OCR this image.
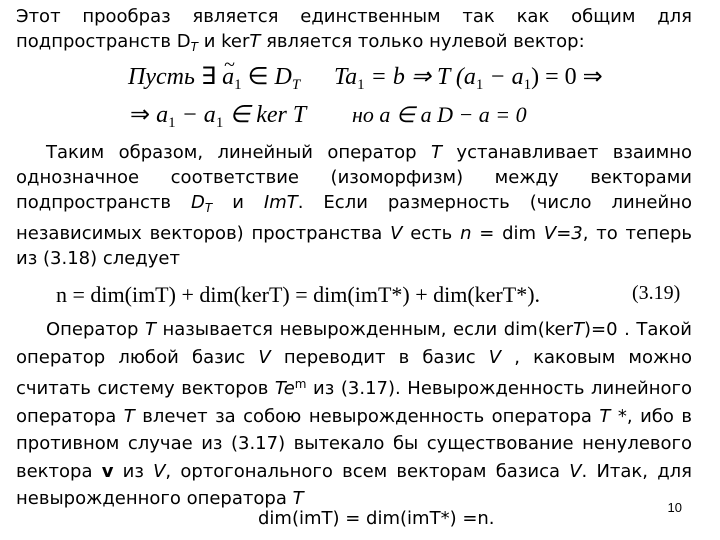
Этот прообраз является единственным так как общим для
подпространств $D_T$ и kerT является только нулевой вектор:
Пусть ∃ ~ $a_1$ ∈ $D_T$ $Ta_1 = b$ ⇒ T $(a_1 - a_1) = 0$ ⇒
⇒ $a_1 - a_1$ ∈ ker T но a ∈ a D − a = 0
Таким образом, линейный оператор T устанавливает взаимно однозначное соответствие (изоморфизм) между векторами подпространств $D_T$ и ImT. Если размерность (число линейно независимых векторов) пространства V есть n = dim V=3, то теперь из (3.18) следует
n = dim(imT) + dim(kerT) = dim(imT*) + dim(kerT*).	(3.19)
Оператор T называется невырожденным, если dim(kerT)=0 . Такой оператор любой базис V переводит в базис V , каковым можно считать систему векторов Te$^m$ из (3.17). Невырожденность линейного оператора T влечет за собою невырожденность оператора T *, ибо в противном случае из (3.17) вытекало бы существование ненулевого вектора v из V, ортогонального всем векторам базиса V. Итак, для невырожденного оператора T	10
dim(imT) = dim(imT*) =n.
